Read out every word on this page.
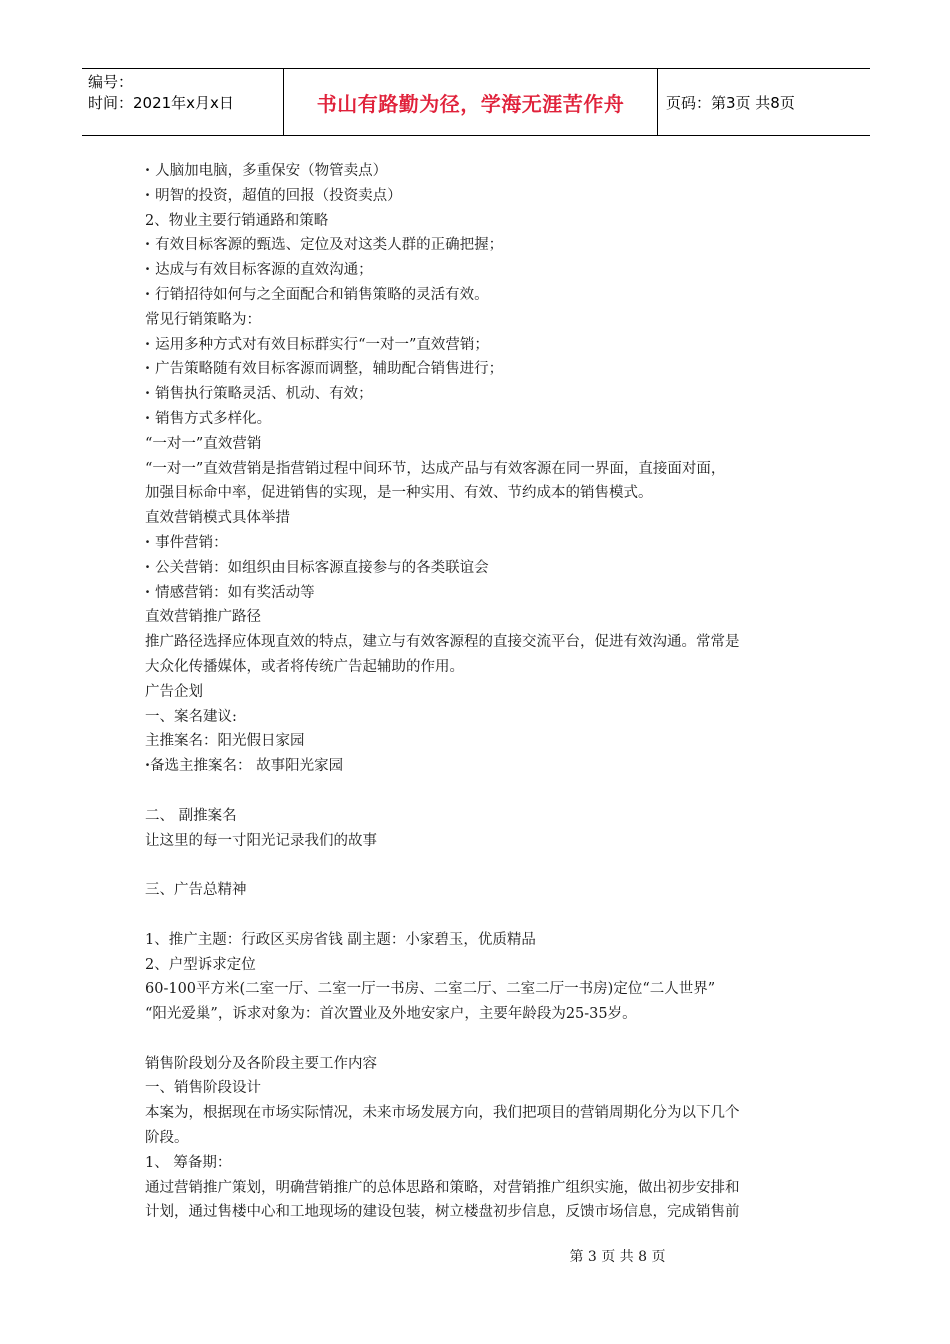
编号：
时间：2021年x月x日	书山有路勤为径，学海无涯苦作舟	页码：第3页 共8页
· 人脑加电脑，多重保安（物管卖点）
· 明智的投资，超值的回报（投资卖点）
2、物业主要行销通路和策略
· 有效目标客源的甄选、定位及对这类人群的正确把握；
· 达成与有效目标客源的直效沟通；
· 行销招待如何与之全面配合和销售策略的灵活有效。
常见行销策略为：
· 运用多种方式对有效目标群实行“一对一”直效营销；
· 广告策略随有效目标客源而调整，辅助配合销售进行；
· 销售执行策略灵活、机动、有效；
· 销售方式多样化。
“一对一”直效营销
“一对一”直效营销是指营销过程中间环节，达成产品与有效客源在同一界面，直接面对面，
加强目标命中率，促进销售的实现，是一种实用、有效、节约成本的销售模式。
直效营销模式具体举措
· 事件营销：
· 公关营销：如组织由目标客源直接参与的各类联谊会
· 情感营销：如有奖活动等
直效营销推广路径
推广路径选择应体现直效的特点，建立与有效客源程的直接交流平台，促进有效沟通。常常是
大众化传播媒体，或者将传统广告起辅助的作用。
广告企划
一、案名建议:
主推案名：阳光假日家园
· 备选主推案名： 故事阳光家园
二、 副推案名
让这里的每一寸阳光记录我们的故事
三、广告总精神
1、推广主题：行政区买房省钱 副主题：小家碧玉，优质精品
2、户型诉求定位
60-100平方米(二室一厅、二室一厅一书房、二室二厅、二室二厅一书房)定位“二人世界”
“阳光爱巢”，诉求对象为：首次置业及外地安家户，主要年龄段为25-35岁。
销售阶段划分及各阶段主要工作内容
一、销售阶段设计
本案为，根据现在市场实际情况，未来市场发展方向，我们把项目的营销周期化分为以下几个
阶段。
1、 筹备期：
通过营销推广策划，明确营销推广的总体思路和策略，对营销推广组织实施，做出初步安排和
计划，通过售楼中心和工地现场的建设包装，树立楼盘初步信息，反馈市场信息，完成销售前
第 3 页 共 8 页
